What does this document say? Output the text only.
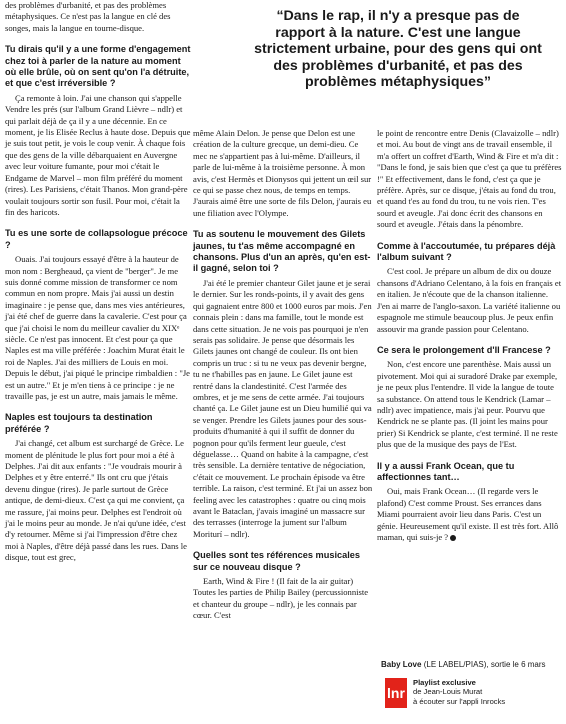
des problèmes d'urbanité, et pas des problèmes métaphysiques. Ce n'est pas la langue en clé des songes, mais la langue en tourne-disque.

Tu dirais qu'il y a une forme d'engagement chez toi à parler de la nature au moment où elle brûle, où on sent qu'on l'a détruite, et que c'est irréversible ?

Ça remonte à loin. J'ai une chanson qui s'appelle Vendre les prés (sur l'album Grand Lièvre – ndlr) et qui parlait déjà de ça il y a une décennie. En ce moment, je lis Elisée Reclus à haute dose. Depuis que je suis tout petit, je vois le coup venir. À chaque fois que des gens de la ville débarquaient en Auvergne avec leur voiture fumante, pour moi c'était le Endgame de Marvel – mon film préféré du moment (rires). Les Parisiens, c'était Thanos. Mon grand-père voulait toujours sortir son fusil. Pour moi, c'était la fin des haricots.

Tu es une sorte de collapsologue précoce ?

Ouais. J'ai toujours essayé d'être à la hauteur de mon nom : Bergheaud, ça vient de "berger". Je me suis donné comme mission de transformer ce nom commun en nom propre. Mais j'ai aussi un destin imaginaire : je pense que, dans mes vies antérieures, j'ai été chef de guerre dans la cavalerie. C'est pour ça que j'ai choisi le nom du meilleur cavalier du XIXᵉ siècle. Ce n'est pas innocent. Et c'est pour ça que Naples est ma ville préférée : Joachim Murat était le roi de Naples. J'ai des milliers de Louis en moi. Depuis le début, j'ai piqué le principe rimbaldien : "Je est un autre." Et je m'en tiens à ce principe : je ne travaille pas, je est un autre, mais jamais le même.

Naples est toujours ta destination préférée ?

J'ai changé, cet album est surchargé de Grèce. Le moment de plénitude le plus fort pour moi a été à Delphes. J'ai dit aux enfants : "Je voudrais mourir à Delphes et y être enterré." Ils ont cru que j'étais devenu dingue (rires). Je parle surtout de Grèce antique, de demi-dieux. C'est ça qui me convient, ça me rassure, j'ai moins peur. Delphes est l'endroit où j'ai le moins peur au monde. Je n'ai qu'une idée, c'est d'y retourner. Même si j'ai l'impression d'être chez moi à Naples, d'être déjà passé dans les rues. Dans le disque, tout est grec,

“Dans le rap, il n'y a presque pas de rapport à la nature. C'est une langue strictement urbaine, pour des gens qui ont des problèmes d'urbanité, et pas des problèmes métaphysiques”

même Alain Delon. Je pense que Delon est une création de la culture grecque, un demi-dieu. Ce mec ne s'appartient pas à lui-même. D'ailleurs, il parle de lui-même à la troisième personne. À mon avis, c'est Hermès et Dionysos qui jettent un œil sur ce qui se passe chez nous, de temps en temps. J'aurais aimé être une sorte de fils Delon, j'aurais eu une filiation avec l'Olympe.

Tu as soutenu le mouvement des Gilets jaunes, tu t'as même accompagné en chansons. Plus d'un an après, qu'en est-il gagné, selon toi ?

J'ai été le premier chanteur Gilet jaune et je serai le dernier. Sur les ronds-points, il y avait des gens qui gagnaient entre 800 et 1000 euros par mois. J'en connais plein : dans ma famille, tout le monde est dans cette situation. Je ne vois pas pourquoi je n'en serais pas solidaire. Je pense que désormais les Gilets jaunes ont changé de couleur. Ils ont bien compris un truc : si tu ne veux pas devenir bergne, tu ne t'habilles pas en jaune. Le Gilet jaune est rentré dans la clandestinité. C'est l'armée des ombres, et je me sens de cette armée. J'ai toujours chanté ça. Le Gilet jaune est un Dieu humilié qui va se venger. Prendre les Gilets jaunes pour des sous-produits d'humanité à qui il suffit de donner du pognon pour qu'ils ferment leur gueule, c'est déguelasse… Quand on habite à la campagne, c'est très sensible. La dernière tentative de négociation, c'était ce mouvement. Le prochain épisode va être terrible. La raison, c'est terminé. Et j'ai un assez bon feeling avec les catastrophes : quatre ou cinq mois avant le Bataclan, j'avais imaginé un massacre sur des terrasses (interroge la jument sur l'album Moriturí – ndlr).

Quelles sont tes références musicales sur ce nouveau disque ?

Earth, Wind & Fire ! (Il fait de la air guitar) Toutes les parties de Philip Bailey (percussionniste et chanteur du groupe – ndlr), je les connais par cœur. C'est

le point de rencontre entre Denis (Clavaizolle – ndlr) et moi. Au bout de vingt ans de travail ensemble, il m'a offert un coffret d'Earth, Wind & Fire et m'a dit : "Dans le fond, je sais bien que c'est ça que tu préfères !" Et effectivement, dans le fond, c'est ça que je préfère. Après, sur ce disque, j'étais au fond du trou, et quand t'es au fond du trou, tu ne vois rien. T'es sourd et aveugle. J'ai donc écrit des chansons en sourd et aveugle. J'étais dans la pénombre.

Comme à l'accoutumée, tu prépares déjà l'album suivant ?

C'est cool. Je prépare un album de dix ou douze chansons d'Adriano Celentano, à la fois en français et en italien. Je n'écoute que de la chanson italienne. J'en ai marre de l'anglo-saxon. La variété italienne ou espagnole me stimule beaucoup plus. Je peux enfin assouvir ma grande passion pour Celentano.

Ce sera le prolongement d'Il Francese ?

Non, c'est encore une parenthèse. Mais aussi un pivotement. Moi qui ai suradoré Drake par exemple, je ne peux plus l'entendre. Il vide la langue de toute sa substance. On attend tous le Kendrick (Lamar – ndlr) avec impatience, mais j'ai peur. Pourvu que Kendrick ne se plante pas. (Il joint les mains pour prier) Si Kendrick se plante, c'est terminé. Il ne reste plus que de la musique des pays de l'Est.

Il y a aussi Frank Ocean, que tu affectionnes tant…

Oui, mais Frank Ocean… (Il regarde vers le plafond) C'est comme Proust. Ses errances dans Miami pourraient avoir lieu dans Paris. C'est un génie. Heureusement qu'il existe. Il est très fort. Allô maman, qui suis-je ?

Baby Love (LE LABEL/PIAS), sortie le 6 mars
lnr
Playlist exclusive
de Jean-Louis Murat
à écouter sur l'appli Inrocks
